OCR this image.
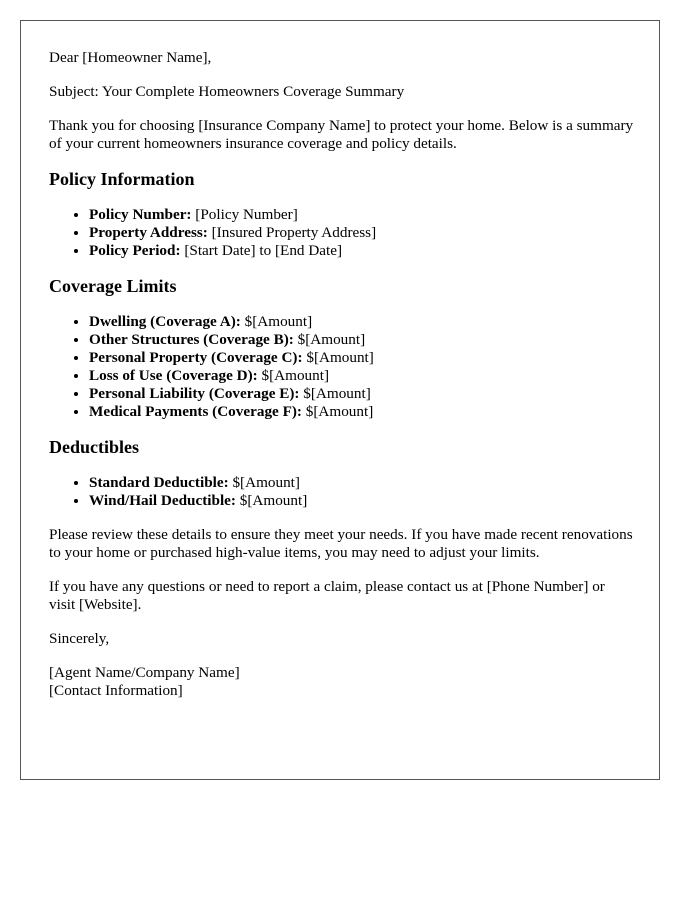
Dear [Homeowner Name],

Subject: Your Complete Homeowners Coverage Summary

Thank you for choosing [Insurance Company Name] to protect your home. Below is a summary of your current homeowners insurance coverage and policy details.

Policy Information
• Policy Number: [Policy Number]
• Property Address: [Insured Property Address]
• Policy Period: [Start Date] to [End Date]
Coverage Limits
• Dwelling (Coverage A): $[Amount]
• Other Structures (Coverage B): $[Amount]
• Personal Property (Coverage C): $[Amount]
• Loss of Use (Coverage D): $[Amount]
• Personal Liability (Coverage E): $[Amount]
• Medical Payments (Coverage F): $[Amount]
Deductibles
• Standard Deductible: $[Amount]
• Wind/Hail Deductible: $[Amount]

Please review these details to ensure they meet your needs. If you have made recent renovations to your home or purchased high-value items, you may need to adjust your limits.

If you have any questions or need to report a claim, please contact us at [Phone Number] or visit [Website].

Sincerely,

[Agent Name/Company Name]
[Contact Information]
